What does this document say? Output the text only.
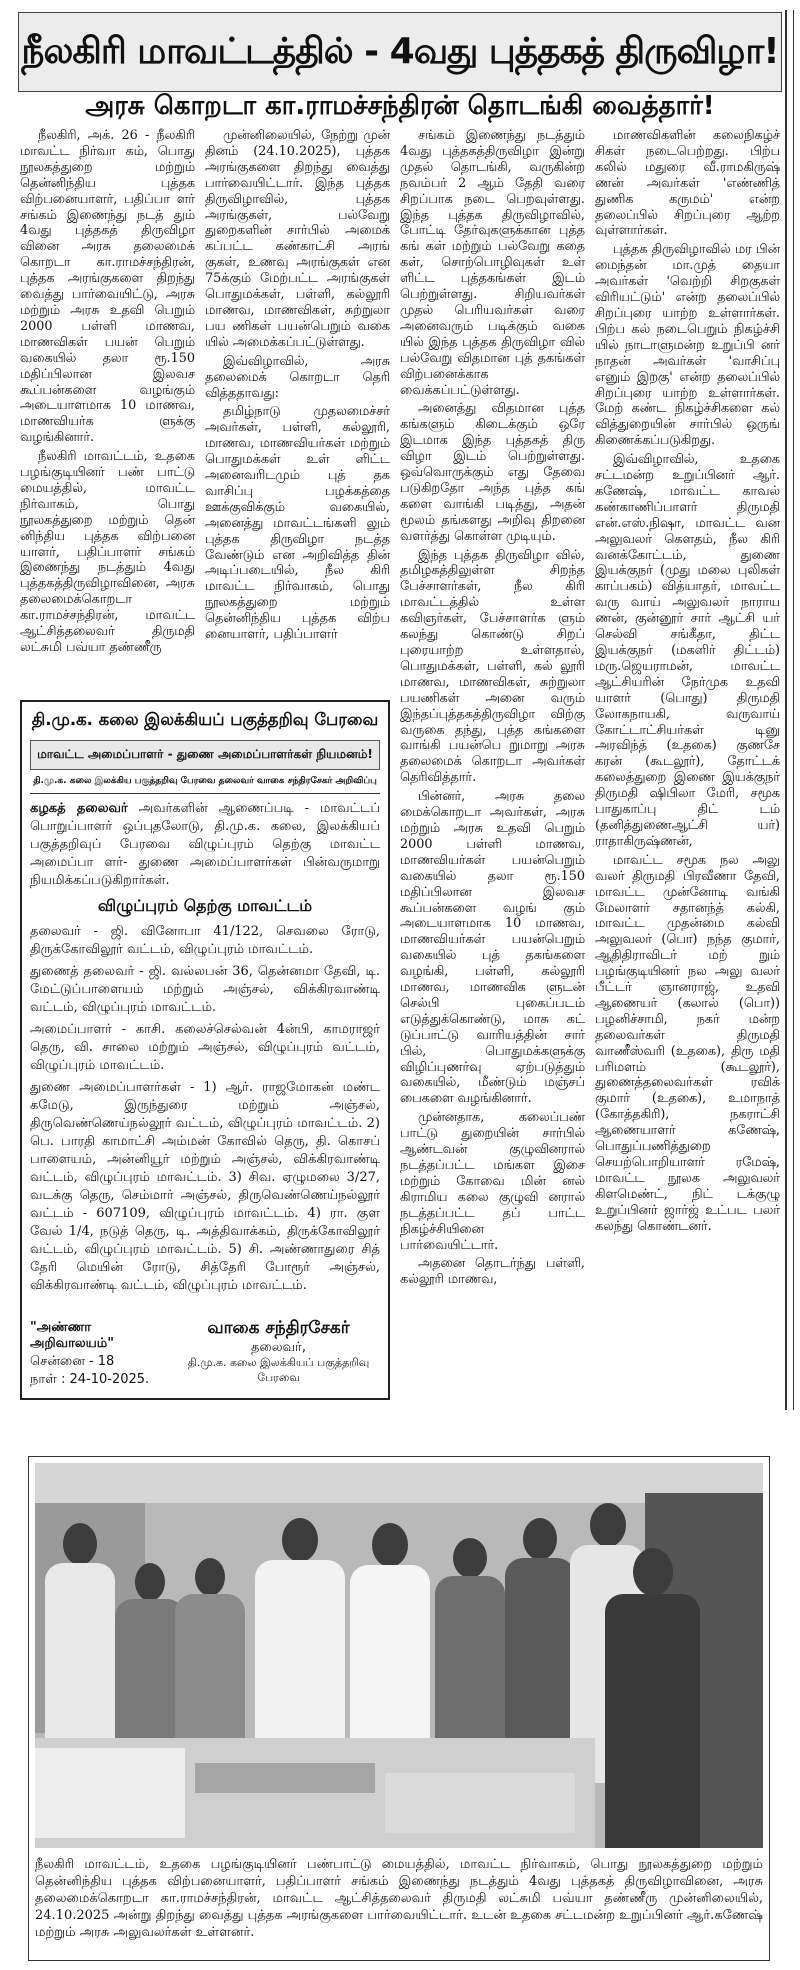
நீலகிரி மாவட்டத்தில் - 4வது புத்தகத் திருவிழா!
அரசு கொறடா கா.ராமச்சந்திரன் தொடங்கி வைத்தார்!

நீலகிரி, அக். 26 - நீலகிரி மாவட்ட நிர்வா கம், பொது நூலகத்துறை மற்றும் தென்னிந்திய புத்தக விற்பனையாளர், பதிப்பா ளர் சங்கம் இணைந்து நடத் தும் 4வது புத்தகத் திருவிழா வினை அரசு தலைமைக் கொறடா கா.ராமச்சந்திரன், புத்தக அரங்குகளை திறந்து வைத்து பார்வையிட்டு, அரசு மற்றும் அரசு உதவி பெறும் 2000 பள்ளி மாணவ, மாணவிகள் பயன் பெறும் வகையில் தலா ரூ.150 மதிப்பிலான இலவச கூப்பன்களை வழங்கும் அடையாளமாக 10 மாணவ, மாணவியர்க ளுக்கு வழங்கினார்.

நீலகிரி மாவட்டம், உதகை பழங்குடியினர் பண் பாட்டு மையத்தில், மாவட்ட நிர்வாகம், பொது நூலகத்துறை மற்றும் தென் னிந்திய புத்தக விற்பனை யாளர், பதிப்பாளர் சங்கம் இணைந்து நடத்தும் 4வது புத்தகத்திருவிழாவினை, அரசு தலைமைக்கொறடா கா.ராமச்சந்திரன், மாவட்ட ஆட்சித்தலைவர் திருமதி லட்சுமி பவ்யா தண்ணீரு

முன்னிலையில், நேற்று முன் தினம் (24.10.2025), புத்தக அரங்குகளை திறந்து வைத்து பார்வையிட்டார். இந்த புத்தக திருவிழாவில், புத்தக அரங்குகள், பல்வேறு துறைகளின் சார்பில் அமைக் கப்பட்ட கண்காட்சி அரங் குகள், உணவு அரங்குகள் என 75க்கும் மேற்பட்ட அரங்குகள் பொதுமக்கள், பள்ளி, கல்லூரி மாணவ, மாணவிகள், சுற்றுலா பய ணிகள் பயன்பெறும் வகை யில் அமைக்கப்பட்டுள்ளது.

இவ்விழாவில், அரசு தலைமைக் கொறடா தெரி வித்ததாவது:

தமிழ்நாடு முதலமைச்சர் அவர்கள், பள்ளி, கல்லூரி, மாணவ, மாணவியர்கள் மற்றும் பொதுமக்கள் உள் ளிட்ட அனைவரிடமும் புத் தக வாசிப்பு பழக்கத்தை ஊக்குவிக்கும் வகையில், அனைத்து மாவட்டங்களி லும் புத்தக திருவிழா நடத்த வேண்டும் என அறிவித்த தின் அடிப்படையில், நீல கிரி மாவட்ட நிர்வாகம், பொது நூலகத்துறை மற்றும் தென்னிந்திய புத்தக விற்ப னையாளர், பதிப்பாளர்

சங்கம் இணைந்து நடத்தும் 4வது புத்தகத்திருவிழா இன்று முதல் தொடங்கி, வருகின்ற நவம்பர் 2 ஆம் தேதி வரை சிறப்பாக நடை பெறவுள்ளது. இந்த புத்தக திருவிழாவில், போட்டி தேர்வுகளுக்கான புத்த கங் கள் மற்றும் பல்வேறு கதை கள், சொற்பொழிவுகள் உள் ளிட்ட புத்தகங்கள் இடம் பெற்றுள்ளது. சிறியவர்கள் முதல் பெரியவர்கள் வரை அனைவரும் படிக்கும் வகை யில் இந்த புத்தக திருவிழா வில் பல்வேறு விதமான புத் தகங்கள் விற்பனைக்காக வைக்கப்பட்டுள்ளது.

அனைத்து விதமான புத்த கங்களும் கிடைக்கும் ஒரே இடமாக இந்த புத்தகத் திரு விழா இடம் பெற்றுள்ளது. ஒவ்வொருக்கும் எது தேவை படுகிறதோ அந்த புத்த கங் களை வாங்கி படித்து, அதன் மூலம் தங்களது அறிவு திறனை வளர்த்து கொள்ள முடியும்.

இந்த புத்தக திருவிழா வில், தமிழகத்திலுள்ள சிறந்த பேச்சாளர்கள், நீல கிரி மாவட்டத்தில் உள்ள கவிஞர்கள், பேச்சாளர்க ளும் கலந்து கொண்டு சிறப் புரையாற்ற உள்ளதால், பொதுமக்கள், பள்ளி, கல் லூரி மாணவ, மாணவிகள், சுற்றுலா பயணிகள் அனை வரும் இந்தப்புத்தகத்திருவிழா விற்கு வருகை தந்து, புத்த கங்களை வாங்கி பயன்பெ றுமாறு அரசு தலைமைக் கொறடா அவர்கள் தெரிவித்தார்.

பின்னர், அரசு தலை மைக்கொறடா அவர்கள், அரசு மற்றும் அரசு உதவி பெறும் 2000 பள்ளி மாணவ, மாணவியர்கள் பயன்பெறும் வகையில் தலா ரூ.150 மதிப்பிலான இலவச கூப்பன்களை வழங் கும் அடையாளமாக 10 மாணவ, மாணவியர்கள் பயன்பெறும் வகையில் புத் தகங்களை வழங்கி, பள்ளி, கல்லூரி மாணவ, மாணவிக ளுடன் செல்பி புகைப்படம் எடுத்துக்கொண்டு, மாசு கட் டுப்பாட்டு வாரியத்தின் சார் பில், பொதுமக்களுக்கு விழிப்புணர்வு ஏற்படுத்தும் வகையில், மீண்டும் மஞ்சப் பைகளை வழங்கினார்.

முன்னதாக, கலைப்பண் பாட்டு துறையின் சார்பில் ஆண்டவன் குழுவினரால் நடத்தப்பட்ட மங்கள இசை மற்றும் கோவை மின் னல் கிராமிய கலை குழுவி னரால் நடத்தப்பட்ட தப் பாட்ட நிகழ்ச்சியினை பார்வையிட்டார்.

அதனை தொடர்ந்து பள்ளி, கல்லூரி மாணவ,

மாணவிகளின் கலைநிகழ்ச் சிகள் நடைபெற்றது. பிற்ப கலில் மதுரை வீ.ராமகிருஷ் ணன் அவர்கள் 'எண்ணித் துணிக கருமம்' என்ற தலைப்பில் சிறப்புரை ஆற்ற வுள்ளார்கள்.

புத்தக திருவிழாவில் மர பின் மைந்தன் மா.முத் தையா அவர்கள் 'வெற்றி சிறகுகள் விரியட்டும்' என்ற தலைப்பில் சிறப்புரை யாற்ற உள்ளார்கள். பிற்ப கல் நடைபெறும் நிகழ்ச்சி யில் நாடாளுமன்ற உறுப்பி னர் நாதன் அவர்கள் 'வாசிப்பு எனும் இறகு' என்ற தலைப்பில் சிறப்புரை யாற்ற உள்ளார்கள். மேற் கண்ட நிகழ்ச்சிகளை கல் வித்துறையின் சார்பில் ஒருங் கிணைக்கப்படுகிறது.

இவ்விழாவில், உதகை சட்டமன்ற உறுப்பினர் ஆர். கணேஷ், மாவட்ட காவல் கண்காணிப்பாளர் திருமதி என்.எஸ்.நிஷா, மாவட்ட வன அலுவலர் கௌதம், நீல கிரி வனக்கோட்டம், துணை இயக்குநர் (முது மலை புலிகள் காப்பகம்) வித்யாதர், மாவட்ட வரு வாய் அலுவலர் நாராய ணன், குன்னூர் சார் ஆட்சி யர் செல்வி சங்கீதா, திட்ட இயக்குநர் (மகளிர் திட்டம்) மரு.ஜெயராமன், மாவட்ட ஆட்சியரின் நேர்முக உதவி யாளர் (பொது) திருமதி லோகநாயகி, வருவாய் கோட்டாட்சியர்கள் டினு அரவிந்த் (உதகை) குணசே கரன் (கூடலூர்), தோட்டக் கலைத்துறை இணை இயக்குநர் திருமதி ஷிபிலா மேரி, சமூக பாதுகாப்பு திட் டம் (தனித்துணைஆட்சி யர்) ராதாகிருஷ்ணன்,

மாவட்ட சமூக நல அலு வலர் திருமதி பிரவீணா தேவி, மாவட்ட முன்னோடி வங்கி மேலாளர் சதானந்த் கல்கி, மாவட்ட முதன்மை கல்வி அலுவலர் (பொ) நந்த குமார், ஆதிதிராவிடர் மற் றும் பழங்குடியினர் நல அலு வலர் பீட்டர் ஞானராஜ், உதவி ஆணையர் (கலால் (பொ)) பழனிச்சாமி, நகர் மன்ற தலைவர்கள் திருமதி வாணீஸ்வரி (உதகை), திரு மதி பரிமளம் (கூடலூர்), துணைத்தலைவர்கள் ரவிக் குமார் (உதகை), உமாநாத் (கோத்தகிரி), நகராட்சி ஆணையாளர் கணேஷ், பொதுப்பணித்துறை செயற்பொறியாளர் ரமேஷ், மாவட்ட நூலக அலுவலர் கிளமெண்ட், நிட் டக்குழு உறுப்பினர் ஜார்ஜ் உட்பட பலர் கலந்து கொண்டனர்.

தி.மு.க. கலை இலக்கியப் பகுத்தறிவு பேரவை
மாவட்ட அமைப்பாளர் - துணை அமைப்பாளர்கள் நியமனம்!
தி.மு.க. கலை இலக்கிய பகுத்தறிவு பேரவை தலைவர் வாகை சந்திரசேகர் அறிவிப்பு
கழகத் தலைவர் அவர்களின் ஆணைப்படி - மாவட்டப் பொறுப்பாளர் ஒப்புதலோடு, தி.மு.க. கலை, இலக்கியப் பகுத்தறிவுப் பேரவை விழுப்புரம் தெற்கு மாவட்ட அமைப்பா ளர்- துணை அமைப்பாளர்கள் பின்வருமாறு நியமிக்கப்படுகிறார்கள்.
விழுப்புரம் தெற்கு மாவட்டம்
தலைவர் - ஜி. வினோபா 41/122, செவலை ரோடு, திருக்கோவிலூர் வட்டம், விழுப்புரம் மாவட்டம்.
துணைத் தலைவர் - ஜி. வல்லபன் 36, தென்னமா தேவி, டி. மேட்டுப்பாளையம் மற்றும் அஞ்சல், விக்கிரவாண்டி வட்டம், விழுப்புரம் மாவட்டம்.
அமைப்பாளர் - காசி. கலைச்செல்வன் 4ன்பி, காமராஜர் தெரு, வி. சாலை மற்றும் அஞ்சல், விழுப்புரம் வட்டம், விழுப்புரம் மாவட்டம்.
துணை அமைப்பாளர்கள் - 1) ஆர். ராஜமோகன் மண்ட கமேடு, இருந்துரை மற்றும் அஞ்சல், திருவெண்ணெய்நல்லூர் வட்டம், விழுப்புரம் மாவட்டம். 2) பெ. பாரதி காமாட்சி அம்மன் கோவில் தெரு, தி. கொசப் பாளையம், அன்னியூர் மற்றும் அஞ்சல், விக்கிரவாண்டி வட்டம், விழுப்புரம் மாவட்டம். 3) சிவ. ஏழுமலை 3/27, வடக்கு தெரு, செம்மார் அஞ்சல், திருவெண்ணெய்நல்லூர் வட்டம் - 607109, விழுப்புரம் மாவட்டம். 4) ரா. குள வேல் 1/4, நடுத் தெரு, டி. அத்திவாக்கம், திருக்கோவிலூர் வட்டம், விழுப்புரம் மாவட்டம். 5) சி. அண்ணாதுரை சித் தேரி மெயின் ரோடு, சித்தேரி போரூர் அஞ்சல், விக்கிரவாண்டி வட்டம், விழுப்புரம் மாவட்டம்.
"அண்ணா அறிவாலயம்"
சென்னை - 18
நாள் : 24-10-2025.
வாகை சந்திரசேகர்
தலைவர்,
தி.மு.க. கலை இலக்கியப் பகுத்தறிவு பேரவை
நீலகிரி மாவட்டம், உதகை பழங்குடியினர் பண்பாட்டு மையத்தில், மாவட்ட நிர்வாகம், பொது நூலகத்துறை மற்றும் தென்னிந்திய புத்தக விற்பனையாளர், பதிப்பாளர் சங்கம் இணைந்து நடத்தும் 4வது புத்தகத் திருவிழாவினை, அரசு தலைமைக்கொறடா கா.ராமச்சந்திரன், மாவட்ட ஆட்சித்தலைவர் திருமதி லட்சுமி பவ்யா தண்ணீரு முன்னிலையில், 24.10.2025 அன்று திறந்து வைத்து புத்தக அரங்குகளை பார்வையிட்டார். உடன் உதகை சட்டமன்ற உறுப்பினர் ஆர்.கணேஷ் மற்றும் அரசு அலுவலர்கள் உள்ளனர்.
